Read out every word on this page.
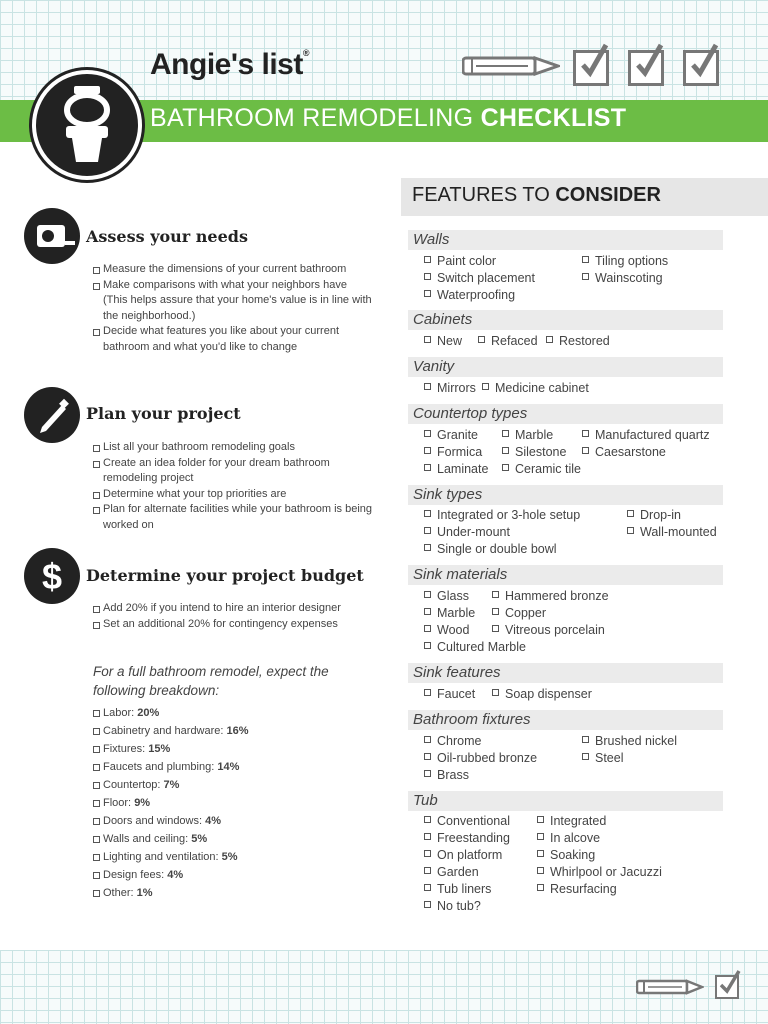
Angie's list®
BATHROOM REMODELING CHECKLIST
Assess your needs
Measure the dimensions of your current bathroom
Make comparisons with what your neighbors have (This helps assure that your home's value is in line with the neighborhood.)
Decide what features you like about your current bathroom and what you'd like to change
Plan your project
List all your bathroom remodeling goals
Create an idea folder for your dream bathroom remodeling project
Determine what your top priorities are
Plan for alternate facilities while your bathroom is being worked on
$ Determine your project budget
Add 20% if you intend to hire an interior designer
Set an additional 20% for contingency expenses
For a full bathroom remodel, expect the following breakdown:
Labor: 20%
Cabinetry and hardware: 16%
Fixtures: 15%
Faucets and plumbing: 14%
Countertop: 7%
Floor: 9%
Doors and windows: 4%
Walls and ceiling: 5%
Lighting and ventilation: 5%
Design fees: 4%
Other: 1%
FEATURES TO CONSIDER
Walls
Paint color	Tiling options
Switch placement	Wainscoting
Waterproofing
Cabinets
New	Refaced	Restored
Vanity
Mirrors	Medicine cabinet
Countertop types
Granite	Marble	Manufactured quartz
Formica	Silestone	Caesarstone
Laminate	Ceramic tile
Sink types
Integrated or 3-hole setup	Drop-in
Under-mount	Wall-mounted
Single or double bowl
Sink materials
Glass	Hammered bronze
Marble	Copper
Wood	Vitreous porcelain
Cultured Marble
Sink features
Faucet	Soap dispenser
Bathroom fixtures
Chrome	Brushed nickel
Oil-rubbed bronze	Steel
Brass
Tub
Conventional	Integrated
Freestanding	In alcove
On platform	Soaking
Garden	Whirlpool or Jacuzzi
Tub liners	Resurfacing
No tub?
